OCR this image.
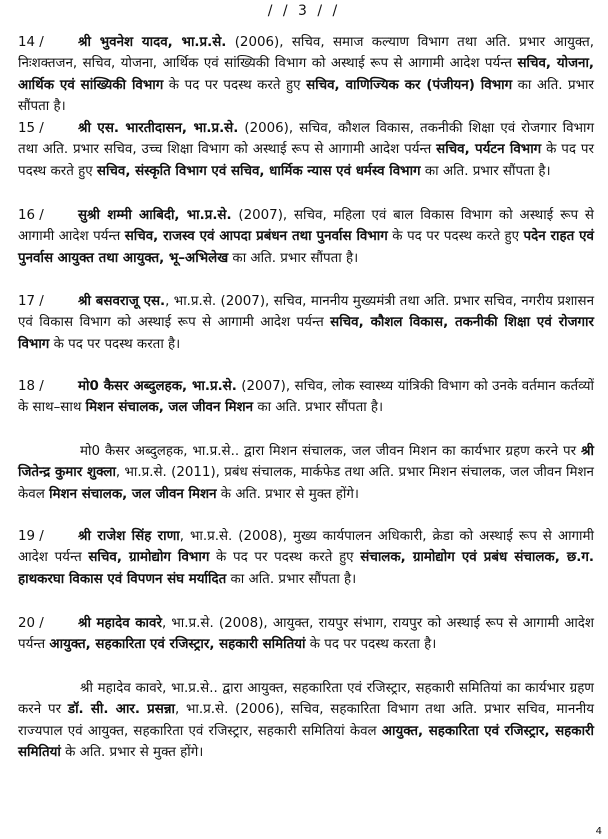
/ / 3 / /

14 /	श्री भुवनेश यादव, भा.प्र.से. (2006), सचिव, समाज कल्याण विभाग तथा अति. प्रभार आयुक्त, निःशक्तजन, सचिव, योजना, आर्थिक एवं सांख्यिकी विभाग को अस्थाई रूप से आगामी आदेश पर्यन्त सचिव, योजना, आर्थिक एवं सांख्यिकी विभाग के पद पर पदस्थ करते हुए सचिव, वाणिज्यिक कर (पंजीयन) विभाग का अति. प्रभार सौंपता है।

15 /	श्री एस. भारतीदासन, भा.प्र.से. (2006), सचिव, कौशल विकास, तकनीकी शिक्षा एवं रोजगार विभाग तथा अति. प्रभार सचिव, उच्च शिक्षा विभाग को अस्थाई रूप से आगामी आदेश पर्यन्त सचिव, पर्यटन विभाग के पद पर पदस्थ करते हुए सचिव, संस्कृति विभाग एवं सचिव, धार्मिक न्यास एवं धर्मस्व विभाग का अति. प्रभार सौंपता है।

16 /	सुश्री शम्मी आबिदी, भा.प्र.से. (2007), सचिव, महिला एवं बाल विकास विभाग को अस्थाई रूप से आगामी आदेश पर्यन्त सचिव, राजस्व एवं आपदा प्रबंधन तथा पुनर्वास विभाग के पद पर पदस्थ करते हुए पदेन राहत एवं पुनर्वास आयुक्त तथा आयुक्त, भू–अभिलेख का अति. प्रभार सौंपता है।

17 /	श्री बसवराजू एस., भा.प्र.से. (2007), सचिव, माननीय मुख्यमंत्री तथा अति. प्रभार सचिव, नगरीय प्रशासन एवं विकास विभाग को अस्थाई रूप से आगामी आदेश पर्यन्त सचिव, कौशल विकास, तकनीकी शिक्षा एवं रोजगार विभाग के पद पर पदस्थ करता है।

18 /	मो0 कैसर अब्दुलहक, भा.प्र.से. (2007), सचिव, लोक स्वास्थ्य यांत्रिकी विभाग को उनके वर्तमान कर्तव्यों के साथ–साथ मिशन संचालक, जल जीवन मिशन का अति. प्रभार सौंपता है।

मो0 कैसर अब्दुलहक, भा.प्र.से.. द्वारा मिशन संचालक, जल जीवन मिशन का कार्यभार ग्रहण करने पर श्री जितेन्द्र कुमार शुक्ला, भा.प्र.से. (2011), प्रबंध संचालक, मार्कफेड तथा अति. प्रभार मिशन संचालक, जल जीवन मिशन केवल मिशन संचालक, जल जीवन मिशन के अति. प्रभार से मुक्त होंगे।

19 /	श्री राजेश सिंह राणा, भा.प्र.से. (2008), मुख्य कार्यपालन अधिकारी, क्रेडा को अस्थाई रूप से आगामी आदेश पर्यन्त सचिव, ग्रामोद्योग विभाग के पद पर पदस्थ करते हुए संचालक, ग्रामोद्योग एवं प्रबंध संचालक, छ.ग. हाथकरघा विकास एवं विपणन संघ मर्यादित का अति. प्रभार सौंपता है।

20 /	श्री महादेव कावरे, भा.प्र.से. (2008), आयुक्त, रायपुर संभाग, रायपुर को अस्थाई रूप से आगामी आदेश पर्यन्त आयुक्त, सहकारिता एवं रजिस्ट्रार, सहकारी समितियां के पद पर पदस्थ करता है।

श्री महादेव कावरे, भा.प्र.से.. द्वारा आयुक्त, सहकारिता एवं रजिस्ट्रार, सहकारी समितियां का कार्यभार ग्रहण करने पर डॉ. सी. आर. प्रसन्ना, भा.प्र.से. (2006), सचिव, सहकारिता विभाग तथा अति. प्रभार सचिव, माननीय राज्यपाल एवं आयुक्त, सहकारिता एवं रजिस्ट्रार, सहकारी समितियां केवल आयुक्त, सहकारिता एवं रजिस्ट्रार, सहकारी समितियां के अति. प्रभार से मुक्त होंगे।

4
